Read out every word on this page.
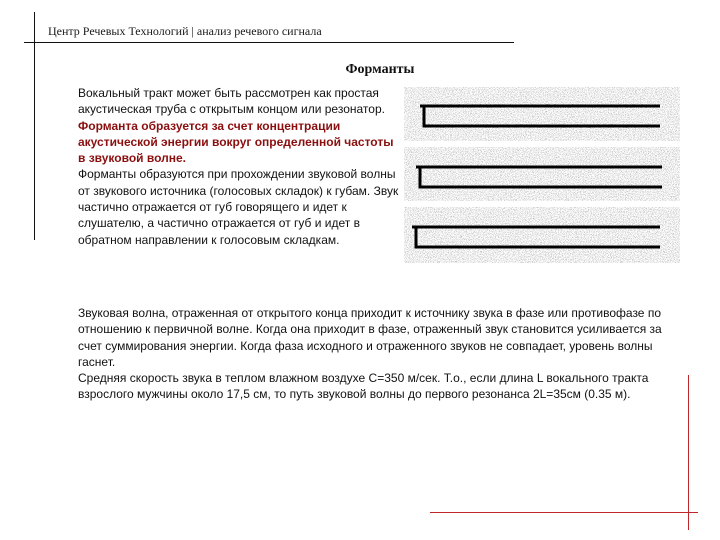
Центр Речевых Технологий | анализ речевого сигнала
Форманты
Вокальный тракт может быть рассмотрен как простая акустическая труба с открытым концом или резонатор.
Форманта образуется за счет концентрации акустической энергии вокруг определенной частоты в звуковой волне.
Форманты образуются при прохождении звуковой волны от звукового источника (голосовых складок) к губам. Звук частично отражается от губ говорящего и идет к слушателю, а частично отражается от губ и идет в обратном направлении к голосовым складкам.
Звуковая волна, отраженная от открытого конца приходит к источнику звука в фазе или противофазе по отношению к первичной волне. Когда она приходит в фазе, отраженный звук становится усиливается за счет суммирования энергии. Когда фаза исходного и отраженного звуков не совпадает, уровень волны гаснет.
Средняя скорость звука в теплом влажном воздухе С=350 м/сек. Т.о., если длина L вокального тракта взрослого мужчины около 17,5 см, то путь звуковой волны до первого резонанса 2L=35см (0.35 м).
